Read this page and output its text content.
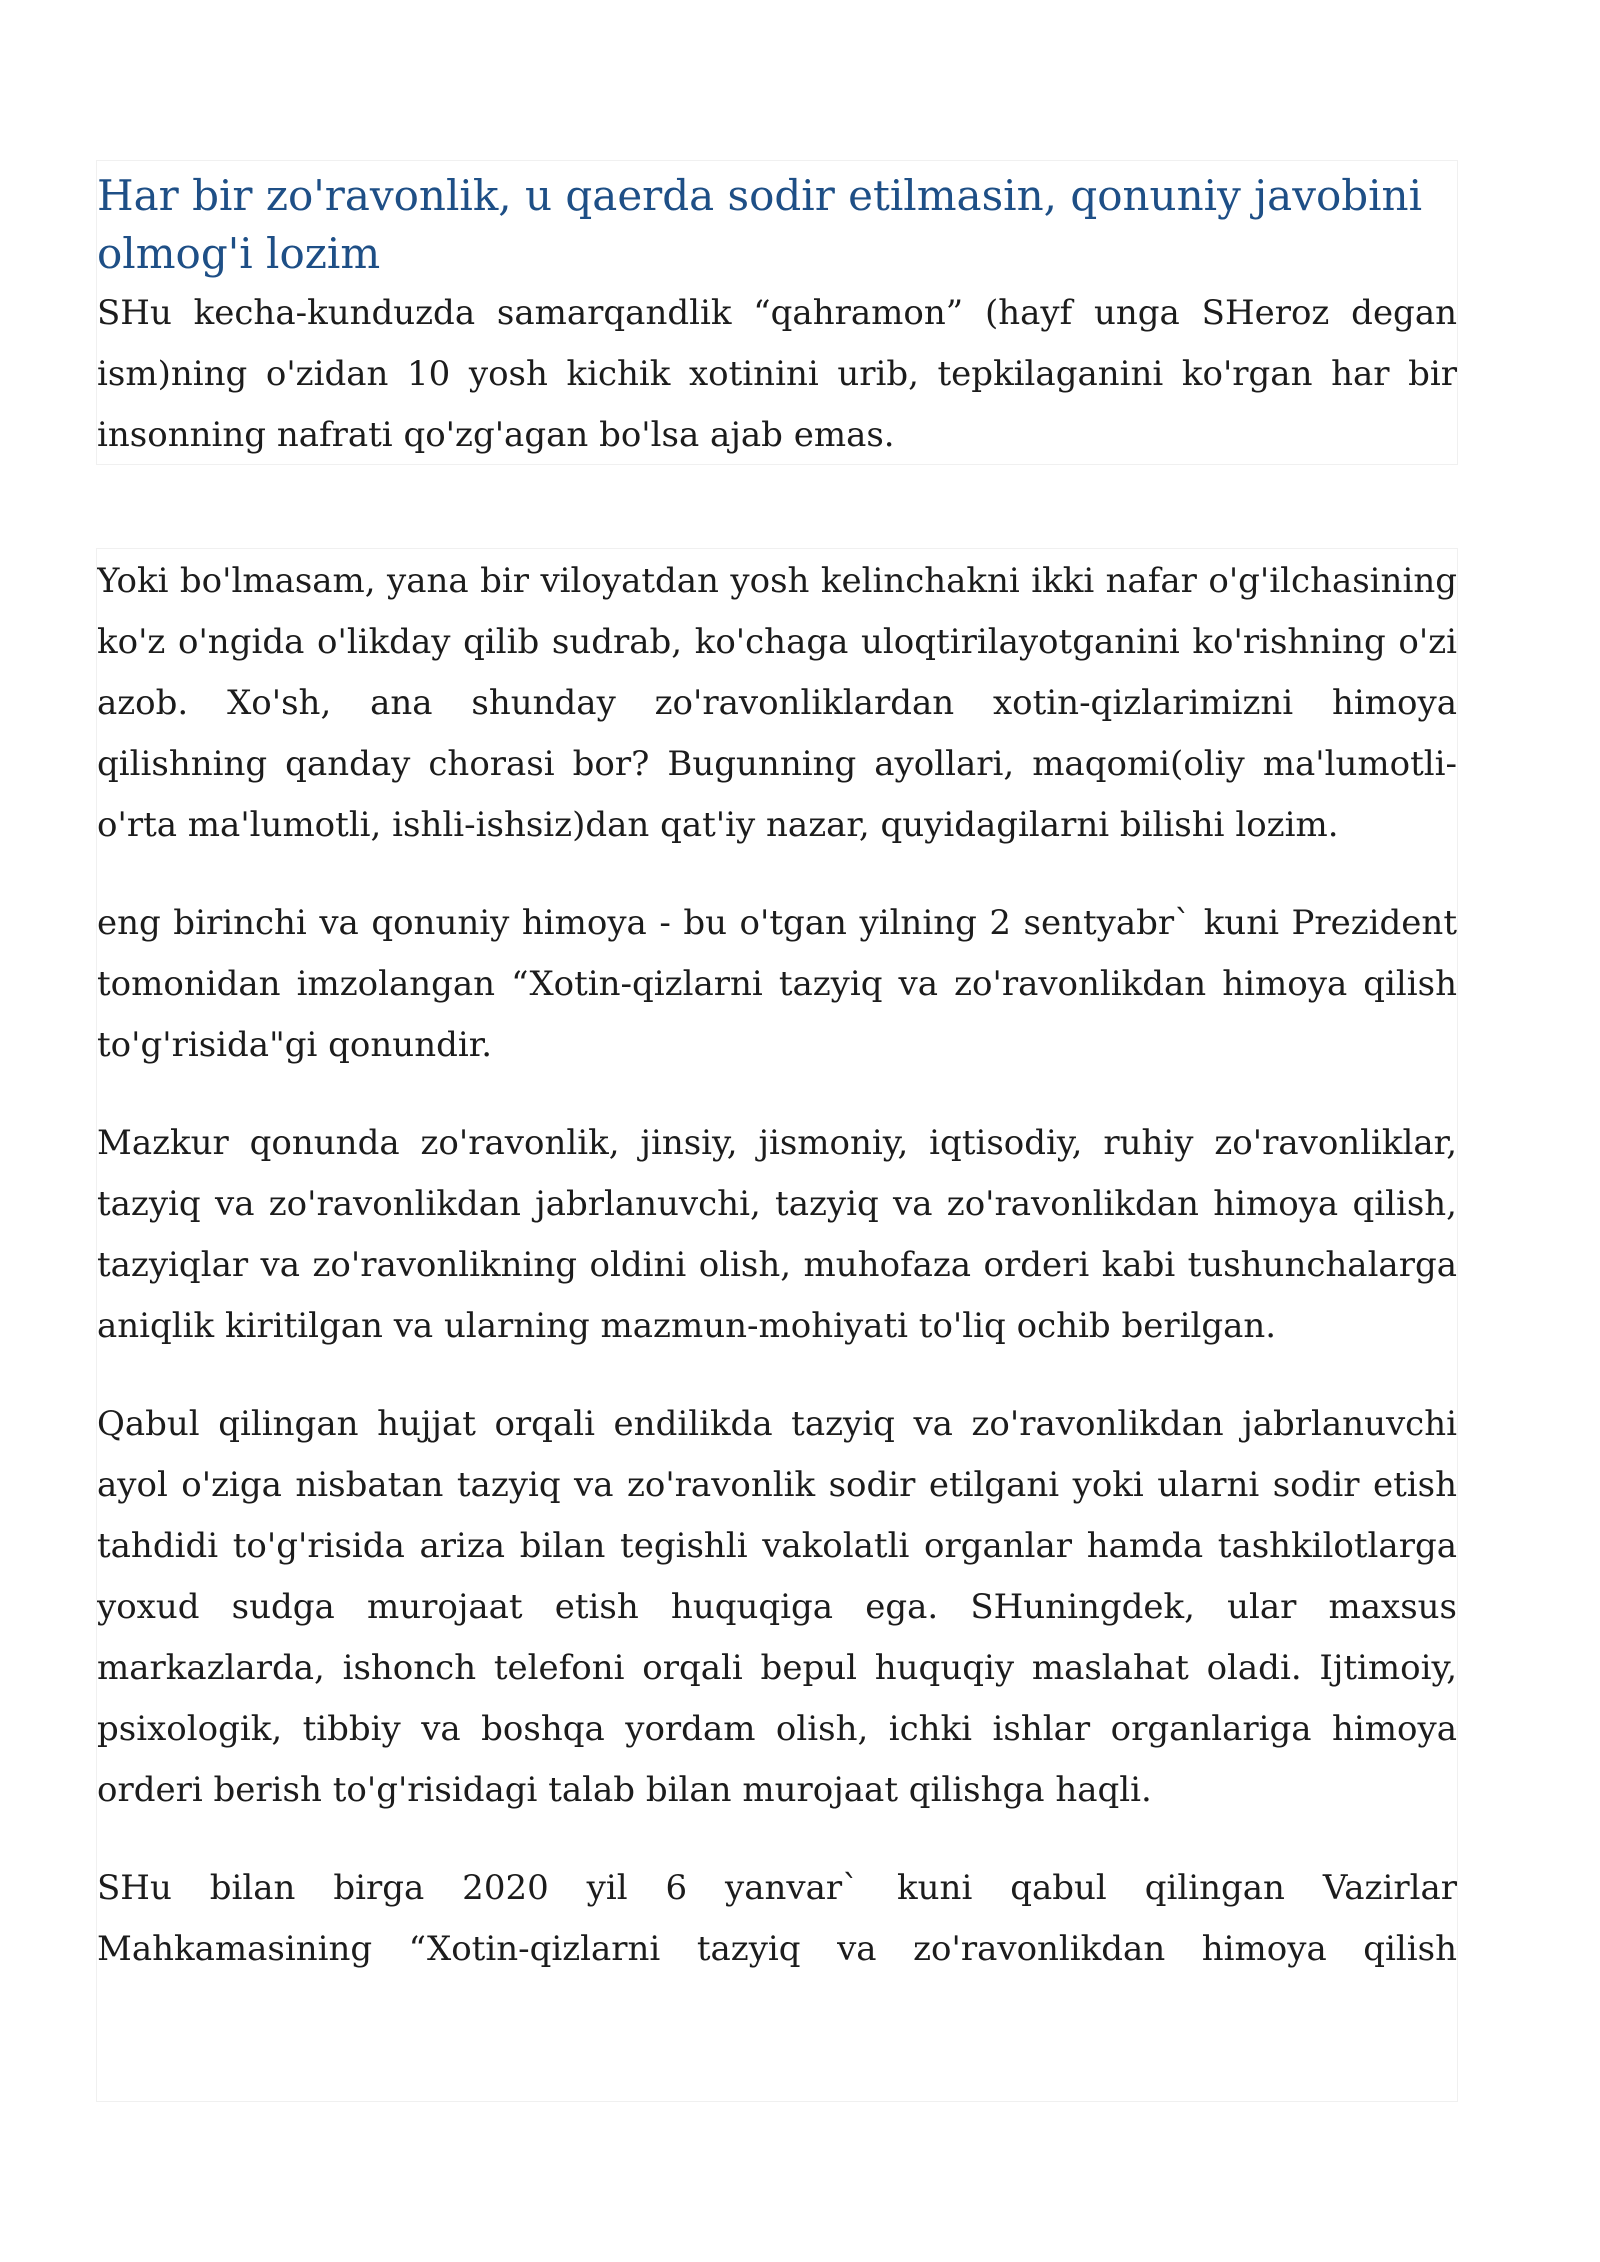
Har bir zo'ravonlik, u qaerda sodir etilmasin, qonuniy javobini olmog'i lozim

SHu kecha-kunduzda samarqandlik “qahramon” (hayf unga SHeroz degan ism)ning o'zidan 10 yosh kichik xotinini urib, tepkilaganini ko'rgan har bir insonning nafrati qo'zg'agan bo'lsa ajab emas.

Yoki bo'lmasam, yana bir viloyatdan yosh kelinchakni ikki nafar o'g'ilchasining ko'z o'ngida o'likday qilib sudrab, ko'chaga uloqtirilayotganini ko'rishning o'zi azob. Xo'sh, ana shunday zo'ravonliklardan xotin-qizlarimizni himoya qilishning qanday chorasi bor? Bugunning ayollari, maqomi(oliy ma'lumotli-o'rta ma'lumotli, ishli-ishsiz)dan qat'iy nazar, quyidagilarni bilishi lozim.

eng birinchi va qonuniy himoya - bu o'tgan yilning 2 sentyabr` kuni Prezident tomonidan imzolangan “Xotin-qizlarni tazyiq va zo'ravonlikdan himoya qilish to'g'risida"gi qonundir.

Mazkur qonunda zo'ravonlik, jinsiy, jismoniy, iqtisodiy, ruhiy zo'ravonliklar, tazyiq va zo'ravonlikdan jabrlanuvchi, tazyiq va zo'ravonlikdan himoya qilish, tazyiqlar va zo'ravonlikning oldini olish, muhofaza orderi kabi tushunchalarga aniqlik kiritilgan va ularning mazmun-mohiyati to'liq ochib berilgan.

Qabul qilingan hujjat orqali endilikda tazyiq va zo'ravonlikdan jabrlanuvchi ayol o'ziga nisbatan tazyiq va zo'ravonlik sodir etilgani yoki ularni sodir etish tahdidi to'g'risida ariza bilan tegishli vakolatli organlar hamda tashkilotlarga yoxud sudga murojaat etish huquqiga ega. SHuningdek, ular maxsus markazlarda, ishonch telefoni orqali bepul huquqiy maslahat oladi. Ijtimoiy, psixologik, tibbiy va boshqa yordam olish, ichki ishlar organlariga himoya orderi berish to'g'risidagi talab bilan murojaat qilishga haqli.

SHu bilan birga 2020 yil 6 yanvar` kuni qabul qilingan Vazirlar Mahkamasining “Xotin-qizlarni tazyiq va zo'ravonlikdan himoya qilish
